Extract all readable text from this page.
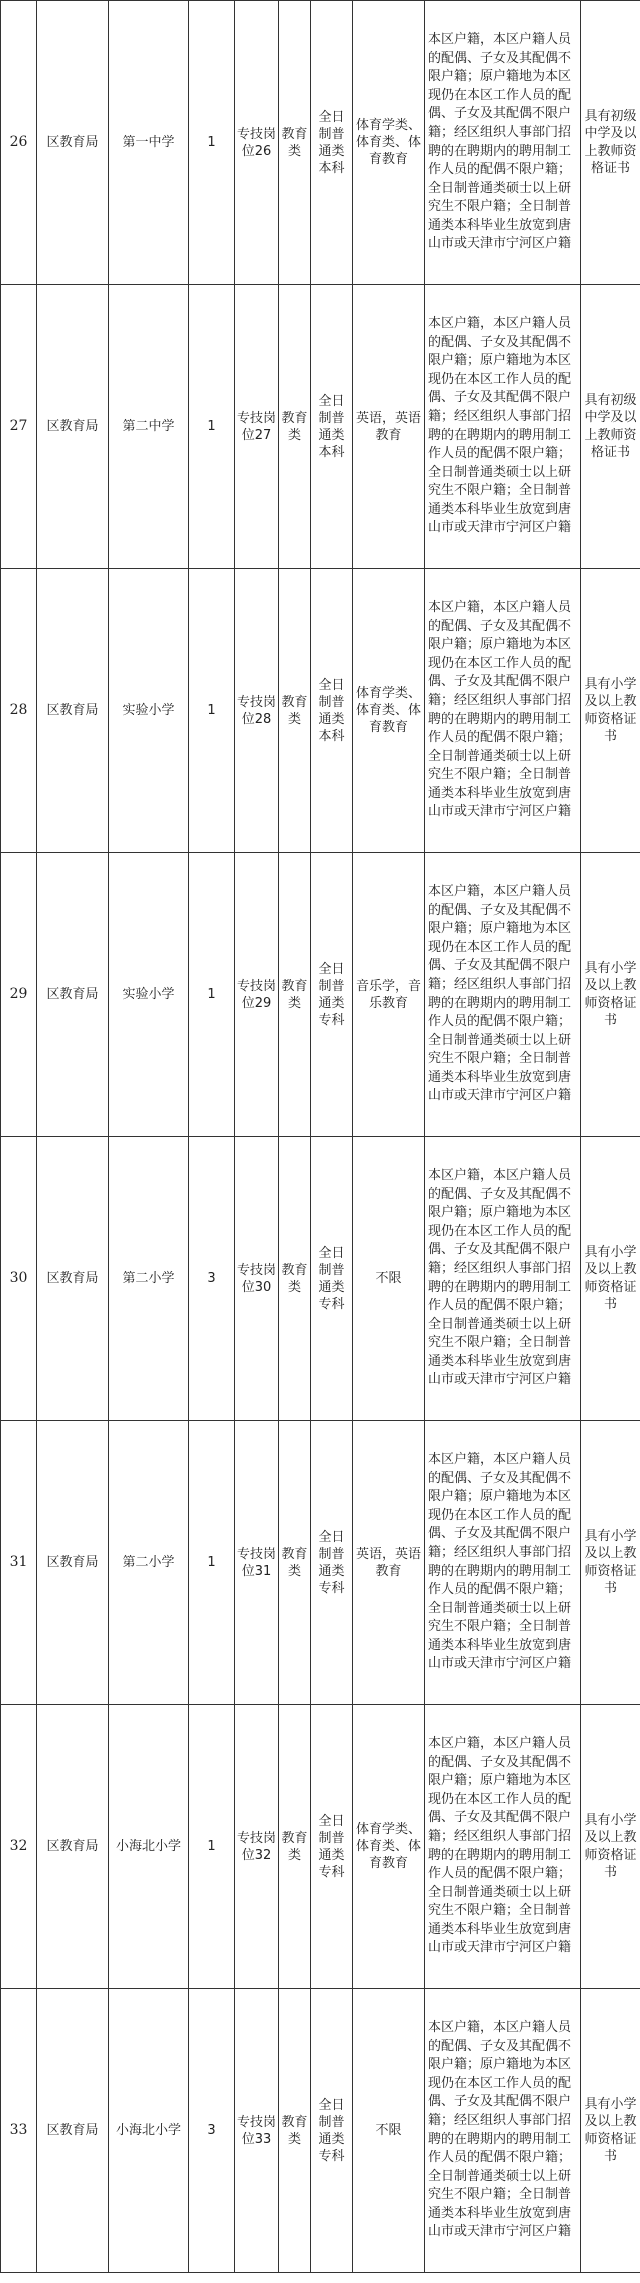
26	区教育局	第一中学	1	专技岗位26	教育类	全日制普通类本科	体育学类、体育类、体育教育	本区户籍，本区户籍人员的配偶、子女及其配偶不限户籍；原户籍地为本区现仍在本区工作人员的配偶、子女及其配偶不限户籍；经区组织人事部门招聘的在聘期内的聘用制工作人员的配偶不限户籍；全日制普通类硕士以上研究生不限户籍；全日制普通类本科毕业生放宽到唐山市或天津市宁河区户籍	具有初级中学及以上教师资格证书
27	区教育局	第二中学	1	专技岗位27	教育类	全日制普通类本科	英语，英语教育	本区户籍，本区户籍人员的配偶、子女及其配偶不限户籍；原户籍地为本区现仍在本区工作人员的配偶、子女及其配偶不限户籍；经区组织人事部门招聘的在聘期内的聘用制工作人员的配偶不限户籍；全日制普通类硕士以上研究生不限户籍；全日制普通类本科毕业生放宽到唐山市或天津市宁河区户籍	具有初级中学及以上教师资格证书
28	区教育局	实验小学	1	专技岗位28	教育类	全日制普通类本科	体育学类、体育类、体育教育	本区户籍，本区户籍人员的配偶、子女及其配偶不限户籍；原户籍地为本区现仍在本区工作人员的配偶、子女及其配偶不限户籍；经区组织人事部门招聘的在聘期内的聘用制工作人员的配偶不限户籍；全日制普通类硕士以上研究生不限户籍；全日制普通类本科毕业生放宽到唐山市或天津市宁河区户籍	具有小学及以上教师资格证书
29	区教育局	实验小学	1	专技岗位29	教育类	全日制普通类专科	音乐学，音乐教育	本区户籍，本区户籍人员的配偶、子女及其配偶不限户籍；原户籍地为本区现仍在本区工作人员的配偶、子女及其配偶不限户籍；经区组织人事部门招聘的在聘期内的聘用制工作人员的配偶不限户籍；全日制普通类硕士以上研究生不限户籍；全日制普通类本科毕业生放宽到唐山市或天津市宁河区户籍	具有小学及以上教师资格证书
30	区教育局	第二小学	3	专技岗位30	教育类	全日制普通类专科	不限	本区户籍，本区户籍人员的配偶、子女及其配偶不限户籍；原户籍地为本区现仍在本区工作人员的配偶、子女及其配偶不限户籍；经区组织人事部门招聘的在聘期内的聘用制工作人员的配偶不限户籍；全日制普通类硕士以上研究生不限户籍；全日制普通类本科毕业生放宽到唐山市或天津市宁河区户籍	具有小学及以上教师资格证书
31	区教育局	第二小学	1	专技岗位31	教育类	全日制普通类专科	英语，英语教育	本区户籍，本区户籍人员的配偶、子女及其配偶不限户籍；原户籍地为本区现仍在本区工作人员的配偶、子女及其配偶不限户籍；经区组织人事部门招聘的在聘期内的聘用制工作人员的配偶不限户籍；全日制普通类硕士以上研究生不限户籍；全日制普通类本科毕业生放宽到唐山市或天津市宁河区户籍	具有小学及以上教师资格证书
32	区教育局	小海北小学	1	专技岗位32	教育类	全日制普通类专科	体育学类、体育类、体育教育	本区户籍，本区户籍人员的配偶、子女及其配偶不限户籍；原户籍地为本区现仍在本区工作人员的配偶、子女及其配偶不限户籍；经区组织人事部门招聘的在聘期内的聘用制工作人员的配偶不限户籍；全日制普通类硕士以上研究生不限户籍；全日制普通类本科毕业生放宽到唐山市或天津市宁河区户籍	具有小学及以上教师资格证书
33	区教育局	小海北小学	3	专技岗位33	教育类	全日制普通类专科	不限	本区户籍，本区户籍人员的配偶、子女及其配偶不限户籍；原户籍地为本区现仍在本区工作人员的配偶、子女及其配偶不限户籍；经区组织人事部门招聘的在聘期内的聘用制工作人员的配偶不限户籍；全日制普通类硕士以上研究生不限户籍；全日制普通类本科毕业生放宽到唐山市或天津市宁河区户籍	具有小学及以上教师资格证书
